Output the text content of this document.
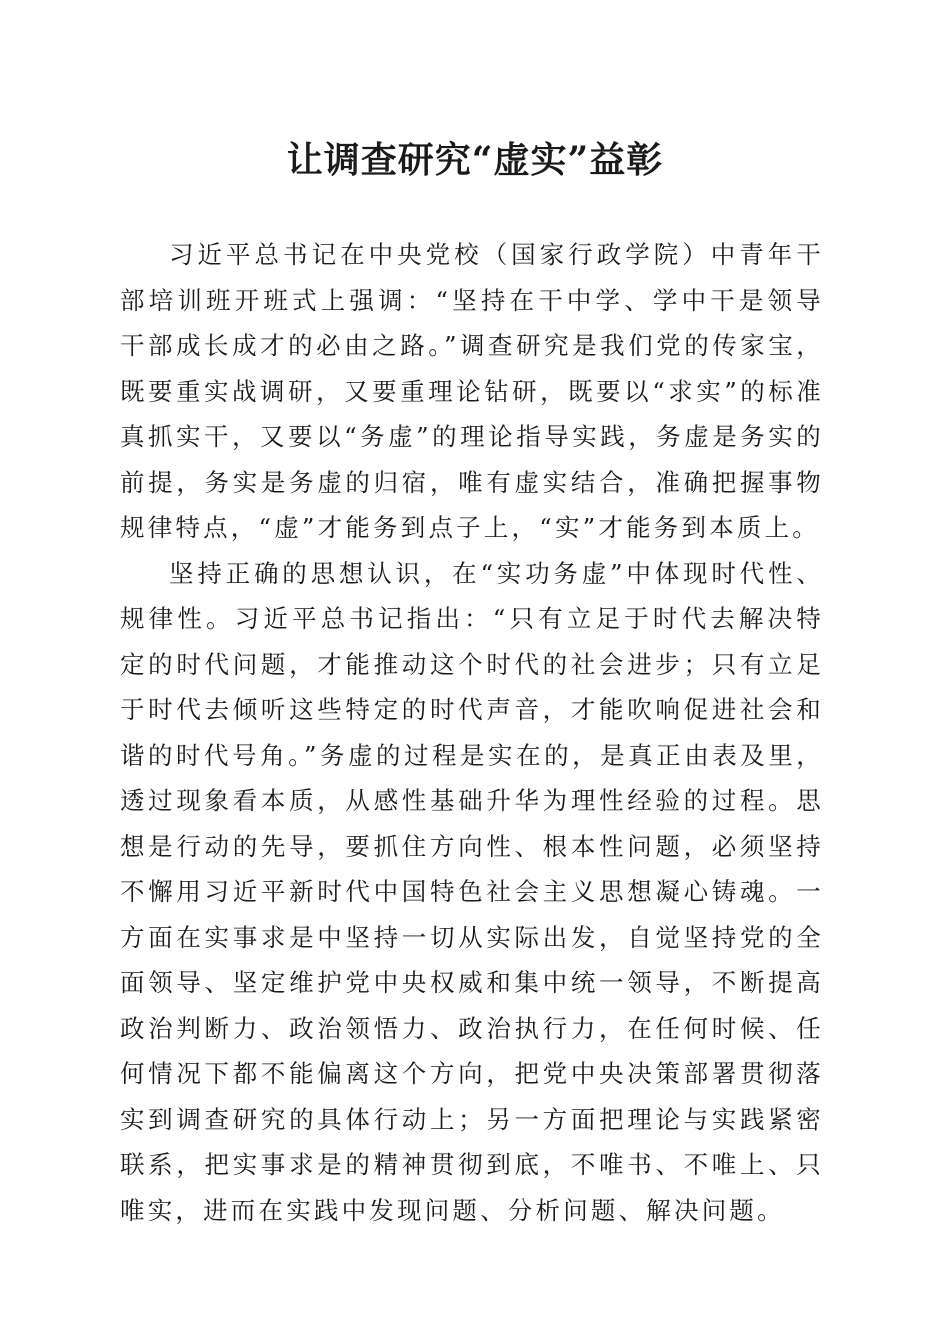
让调查研究“虚实”益彰

习近平总书记在中央党校（国家行政学院）中青年干部培训班开班式上强调：“坚持在干中学、学中干是领导干部成长成才的必由之路。”调查研究是我们党的传家宝，既要重实战调研，又要重理论钻研，既要以“求实”的标准真抓实干，又要以“务虚”的理论指导实践，务虚是务实的前提，务实是务虚的归宿，唯有虚实结合，准确把握事物规律特点，“虚”才能务到点子上，“实”才能务到本质上。

坚持正确的思想认识，在“实功务虚”中体现时代性、规律性。习近平总书记指出：“只有立足于时代去解决特定的时代问题，才能推动这个时代的社会进步；只有立足于时代去倾听这些特定的时代声音，才能吹响促进社会和谐的时代号角。”务虚的过程是实在的，是真正由表及里，透过现象看本质，从感性基础升华为理性经验的过程。思想是行动的先导，要抓住方向性、根本性问题，必须坚持不懈用习近平新时代中国特色社会主义思想凝心铸魂。一方面在实事求是中坚持一切从实际出发，自觉坚持党的全面领导、坚定维护党中央权威和集中统一领导，不断提高政治判断力、政治领悟力、政治执行力，在任何时候、任何情况下都不能偏离这个方向，把党中央决策部署贯彻落实到调查研究的具体行动上；另一方面把理论与实践紧密联系，把实事求是的精神贯彻到底，不唯书、不唯上、只唯实，进而在实践中发现问题、分析问题、解决问题。
